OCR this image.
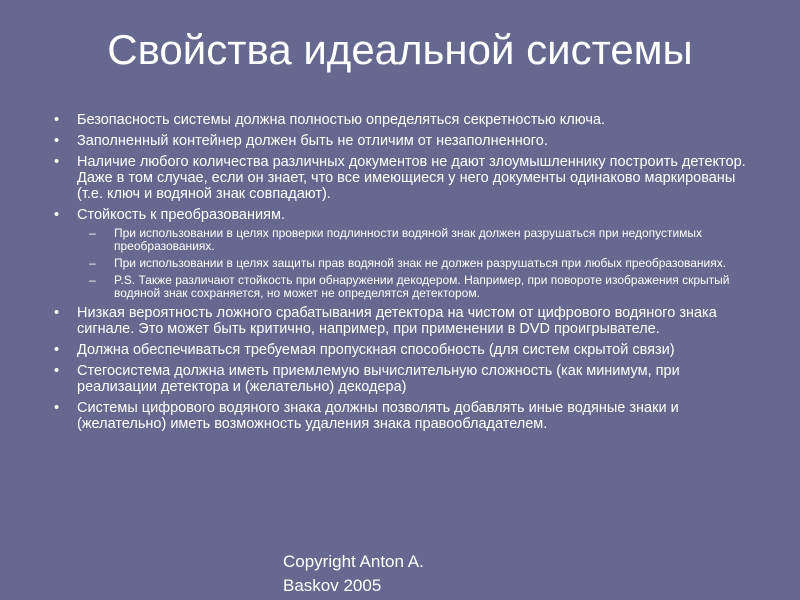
Свойства идеальной системы
• Безопасность системы должна полностью определяться секретностью ключа.
• Заполненный контейнер должен быть не отличим от незаполненного.
• Наличие любого количества различных документов не дают злоумышленнику построить детектор. Даже в том случае, если он знает, что все имеющиеся у него документы одинаково маркированы (т.е. ключ и водяной знак совпадают).
• Стойкость к преобразованиям.
– При использовании в целях проверки подлинности водяной знак должен разрушаться при недопустимых преобразованиях.
– При использовании в целях защиты прав водяной знак не должен разрушаться при любых преобразованиях.
– P.S. Также различают стойкость при обнаружении декодером. Например, при повороте изображения скрытый водяной знак сохраняется, но может не определятся детектором.
• Низкая вероятность ложного срабатывания детектора на чистом от цифрового водяного знака сигнале. Это может быть критично, например, при применении в DVD проигрывателе.
• Должна обеспечиваться требуемая пропускная способность (для систем скрытой связи)
• Стегосистема должна иметь приемлемую вычислительную сложность (как минимум, при реализации детектора и (желательно) декодера)
• Системы цифрового водяного знака должны позволять добавлять иные водяные знаки и (желательно) иметь возможность удаления знака правообладателем.
Copyright Anton A. Baskov 2005
